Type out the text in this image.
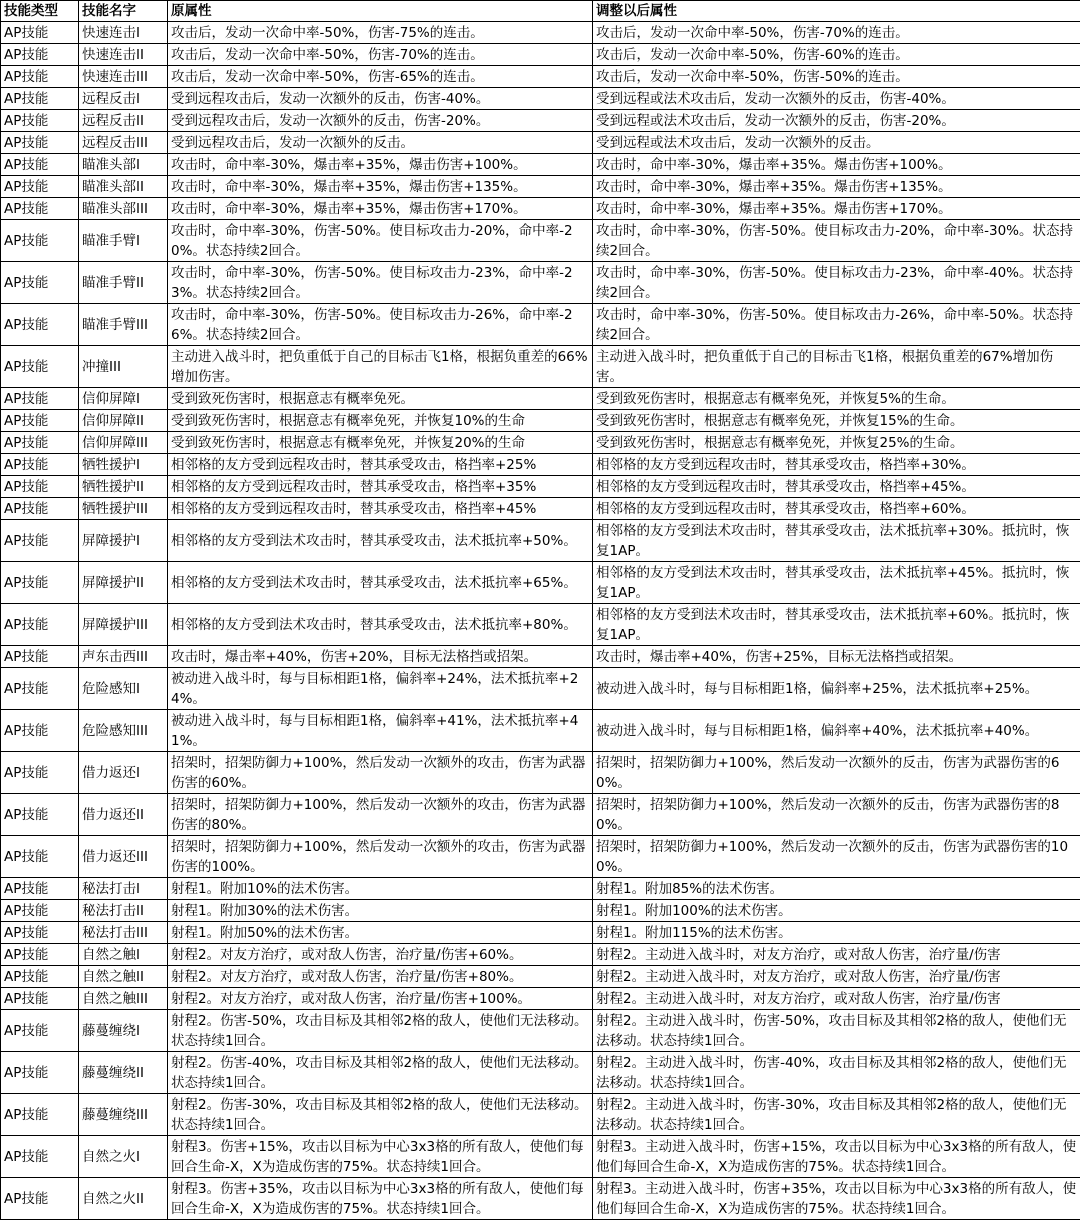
技能类型	技能名字	原属性	调整以后属性
AP技能	快速连击I	攻击后，发动一次命中率-50%，伤害-75%的连击。	攻击后，发动一次命中率-50%，伤害-70%的连击。
AP技能	快速连击II	攻击后，发动一次命中率-50%，伤害-70%的连击。	攻击后，发动一次命中率-50%，伤害-60%的连击。
AP技能	快速连击III	攻击后，发动一次命中率-50%，伤害-65%的连击。	攻击后，发动一次命中率-50%，伤害-50%的连击。
AP技能	远程反击I	受到远程攻击后，发动一次额外的反击，伤害-40%。	受到远程或法术攻击后，发动一次额外的反击，伤害-40%。
AP技能	远程反击II	受到远程攻击后，发动一次额外的反击，伤害-20%。	受到远程或法术攻击后，发动一次额外的反击，伤害-20%。
AP技能	远程反击III	受到远程攻击后，发动一次额外的反击。	受到远程或法术攻击后，发动一次额外的反击。
AP技能	瞄准头部I	攻击时，命中率-30%，爆击率+35%，爆击伤害+100%。	攻击时，命中率-30%，爆击率+35%。爆击伤害+100%。
AP技能	瞄准头部II	攻击时，命中率-30%，爆击率+35%，爆击伤害+135%。	攻击时，命中率-30%，爆击率+35%。爆击伤害+135%。
AP技能	瞄准头部III	攻击时，命中率-30%，爆击率+35%，爆击伤害+170%。	攻击时，命中率-30%，爆击率+35%。爆击伤害+170%。
AP技能	瞄准手臂I	攻击时，命中率-30%，伤害-50%。使目标攻击力-20%，命中率-20%。状态持续2回合。	攻击时，命中率-30%，伤害-50%。使目标攻击力-20%，命中率-30%。状态持续2回合。
AP技能	瞄准手臂II	攻击时，命中率-30%，伤害-50%。使目标攻击力-23%，命中率-23%。状态持续2回合。	攻击时，命中率-30%，伤害-50%。使目标攻击力-23%，命中率-40%。状态持续2回合。
AP技能	瞄准手臂III	攻击时，命中率-30%，伤害-50%。使目标攻击力-26%，命中率-26%。状态持续2回合。	攻击时，命中率-30%，伤害-50%。使目标攻击力-26%，命中率-50%。状态持续2回合。
AP技能	冲撞III	主动进入战斗时，把负重低于自己的目标击飞1格，根据负重差的66%增加伤害。	主动进入战斗时，把负重低于自己的目标击飞1格，根据负重差的67%增加伤害。
AP技能	信仰屏障I	受到致死伤害时，根据意志有概率免死。	受到致死伤害时，根据意志有概率免死，并恢复5%的生命。
AP技能	信仰屏障II	受到致死伤害时，根据意志有概率免死，并恢复10%的生命	受到致死伤害时，根据意志有概率免死，并恢复15%的生命。
AP技能	信仰屏障III	受到致死伤害时，根据意志有概率免死，并恢复20%的生命	受到致死伤害时，根据意志有概率免死，并恢复25%的生命。
AP技能	牺牲援护I	相邻格的友方受到远程攻击时，替其承受攻击，格挡率+25%	相邻格的友方受到远程攻击时，替其承受攻击，格挡率+30%。
AP技能	牺牲援护II	相邻格的友方受到远程攻击时，替其承受攻击，格挡率+35%	相邻格的友方受到远程攻击时，替其承受攻击，格挡率+45%。
AP技能	牺牲援护III	相邻格的友方受到远程攻击时，替其承受攻击，格挡率+45%	相邻格的友方受到远程攻击时，替其承受攻击，格挡率+60%。
AP技能	屏障援护I	相邻格的友方受到法术攻击时，替其承受攻击，法术抵抗率+50%。	相邻格的友方受到法术攻击时，替其承受攻击，法术抵抗率+30%。抵抗时，恢复1AP。
AP技能	屏障援护II	相邻格的友方受到法术攻击时，替其承受攻击，法术抵抗率+65%。	相邻格的友方受到法术攻击时，替其承受攻击，法术抵抗率+45%。抵抗时，恢复1AP。
AP技能	屏障援护III	相邻格的友方受到法术攻击时，替其承受攻击，法术抵抗率+80%。	相邻格的友方受到法术攻击时，替其承受攻击，法术抵抗率+60%。抵抗时，恢复1AP。
AP技能	声东击西III	攻击时，爆击率+40%，伤害+20%，目标无法格挡或招架。	攻击时，爆击率+40%，伤害+25%，目标无法格挡或招架。
AP技能	危险感知I	被动进入战斗时，每与目标相距1格，偏斜率+24%，法术抵抗率+24%。	被动进入战斗时，每与目标相距1格，偏斜率+25%，法术抵抗率+25%。
AP技能	危险感知III	被动进入战斗时，每与目标相距1格，偏斜率+41%，法术抵抗率+41%。	被动进入战斗时，每与目标相距1格，偏斜率+40%，法术抵抗率+40%。
AP技能	借力返还I	招架时，招架防御力+100%，然后发动一次额外的攻击，伤害为武器伤害的60%。	招架时，招架防御力+100%，然后发动一次额外的反击，伤害为武器伤害的60%。
AP技能	借力返还II	招架时，招架防御力+100%，然后发动一次额外的攻击，伤害为武器伤害的80%。	招架时，招架防御力+100%，然后发动一次额外的反击，伤害为武器伤害的80%。
AP技能	借力返还III	招架时，招架防御力+100%，然后发动一次额外的攻击，伤害为武器伤害的100%。	招架时，招架防御力+100%，然后发动一次额外的反击，伤害为武器伤害的100%。
AP技能	秘法打击I	射程1。附加10%的法术伤害。	射程1。附加85%的法术伤害。
AP技能	秘法打击II	射程1。附加30%的法术伤害。	射程1。附加100%的法术伤害。
AP技能	秘法打击III	射程1。附加50%的法术伤害。	射程1。附加115%的法术伤害。
AP技能	自然之触I	射程2。对友方治疗，或对敌人伤害，治疗量/伤害+60%。	射程2。主动进入战斗时，对友方治疗，或对敌人伤害，治疗量/伤害
AP技能	自然之触II	射程2。对友方治疗，或对敌人伤害，治疗量/伤害+80%。	射程2。主动进入战斗时，对友方治疗，或对敌人伤害，治疗量/伤害
AP技能	自然之触III	射程2。对友方治疗，或对敌人伤害，治疗量/伤害+100%。	射程2。主动进入战斗时，对友方治疗，或对敌人伤害，治疗量/伤害
AP技能	藤蔓缠绕I	射程2。伤害-50%，攻击目标及其相邻2格的敌人，使他们无法移动。状态持续1回合。	射程2。主动进入战斗时，伤害-50%，攻击目标及其相邻2格的敌人，使他们无法移动。状态持续1回合。
AP技能	藤蔓缠绕II	射程2。伤害-40%，攻击目标及其相邻2格的敌人，使他们无法移动。状态持续1回合。	射程2。主动进入战斗时，伤害-40%，攻击目标及其相邻2格的敌人，使他们无法移动。状态持续1回合。
AP技能	藤蔓缠绕III	射程2。伤害-30%，攻击目标及其相邻2格的敌人，使他们无法移动。状态持续1回合。	射程2。主动进入战斗时，伤害-30%，攻击目标及其相邻2格的敌人，使他们无法移动。状态持续1回合。
AP技能	自然之火I	射程3。伤害+15%，攻击以目标为中心3x3格的所有敌人，使他们每回合生命-X，X为造成伤害的75%。状态持续1回合。	射程3。主动进入战斗时，伤害+15%，攻击以目标为中心3x3格的所有敌人，使他们每回合生命-X，X为造成伤害的75%。状态持续1回合。
AP技能	自然之火II	射程3。伤害+35%，攻击以目标为中心3x3格的所有敌人，使他们每回合生命-X，X为造成伤害的75%。状态持续1回合。	射程3。主动进入战斗时，伤害+35%，攻击以目标为中心3x3格的所有敌人，使他们每回合生命-X，X为造成伤害的75%。状态持续1回合。
